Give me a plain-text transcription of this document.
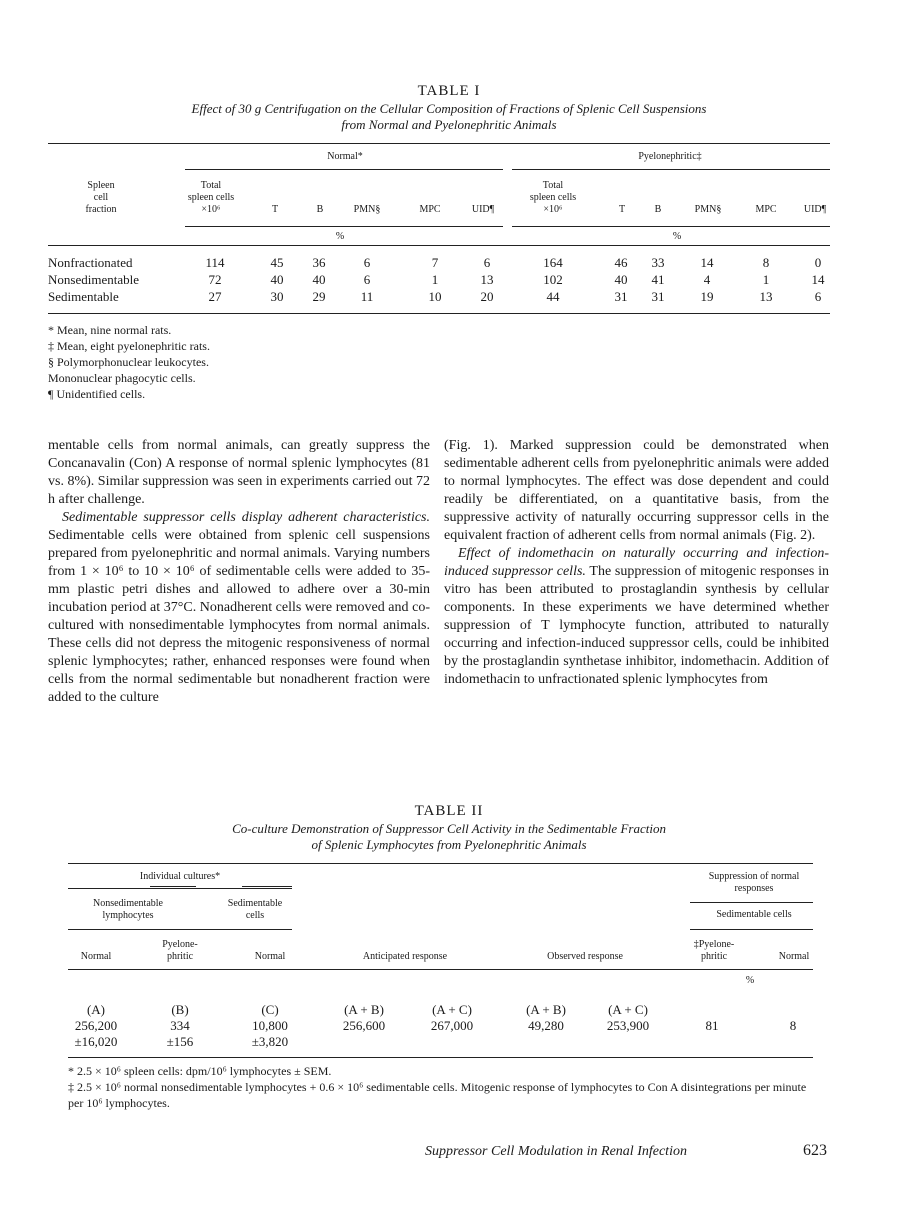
TABLE I
Effect of 30 g Centrifugation on the Cellular Composition of Fractions of Splenic Cell Suspensions
from Normal and Pyelonephritic Animals
Normal*	Pyelonephritic‡
Spleen
cell
fraction
Total
spleen cells
×10⁶	T	B	PMN§	MPC	UID¶
Total
spleen cells
×10⁶	T	B	PMN§	MPC	UID¶
%	%
Nonfractionated	114	45	36	6	7	6	164	46	33	14	8	0
Nonsedimentable	72	40	40	6	1	13	102	40	41	4	1	14
Sedimentable	27	30	29	11	10	20	44	31	31	19	13	6
* Mean, nine normal rats.
‡ Mean, eight pyelonephritic rats.
§ Polymorphonuclear leukocytes.
Mononuclear phagocytic cells.
¶ Unidentified cells.

mentable cells from normal animals, can greatly suppress the Concanavalin (Con) A response of normal splenic lymphocytes (81 vs. 8%). Similar suppression was seen in experiments carried out 72 h after challenge.

Sedimentable suppressor cells display adherent characteristics. Sedimentable cells were obtained from splenic cell suspensions prepared from pyelonephritic and normal animals. Varying numbers from 1 × 10⁶ to 10 × 10⁶ of sedimentable cells were added to 35-mm plastic petri dishes and allowed to adhere over a 30-min incubation period at 37°C. Nonadherent cells were removed and co-cultured with nonsedimentable lymphocytes from normal animals. These cells did not depress the mitogenic responsiveness of normal splenic lymphocytes; rather, enhanced responses were found when cells from the normal sedimentable but nonadherent fraction were added to the culture

(Fig. 1). Marked suppression could be demonstrated when sedimentable adherent cells from pyelonephritic animals were added to normal lymphocytes. The effect was dose dependent and could readily be differentiated, on a quantitative basis, from the suppressive activity of naturally occurring suppressor cells in the equivalent fraction of adherent cells from normal animals (Fig. 2).

Effect of indomethacin on naturally occurring and infection-induced suppressor cells. The suppression of mitogenic responses in vitro has been attributed to prostaglandin synthesis by cellular components. In these experiments we have determined whether suppression of T lymphocyte function, attributed to naturally occurring and infection-induced suppressor cells, could be inhibited by the prostaglandin synthetase inhibitor, indomethacin. Addition of indomethacin to unfractionated splenic lymphocytes from

TABLE II
Co-culture Demonstration of Suppressor Cell Activity in the Sedimentable Fraction
of Splenic Lymphocytes from Pyelonephritic Animals
Individual cultures*
Nonsedimentable
lymphocytes
Sedimentable
cells
Suppression of normal
responses
Sedimentable cells
Normal
Pyelone-
phritic	Normal	Anticipated response	Observed response
‡Pyelone-
phritic	Normal
%
(A)	(B)	(C)	(A + B)	(A + C)	(A + B)	(A + C)
256,200	334	10,800	256,600	267,000	49,280	253,900	81	8
±16,020	±156	±3,820
* 2.5 × 10⁶ spleen cells: dpm/10⁶ lymphocytes ± SEM.
‡ 2.5 × 10⁶ normal nonsedimentable lymphocytes + 0.6 × 10⁶ sedimentable cells. Mitogenic response of lymphocytes to Con A disintegrations per minute per 10⁶ lymphocytes.
Suppressor Cell Modulation in Renal Infection	623
